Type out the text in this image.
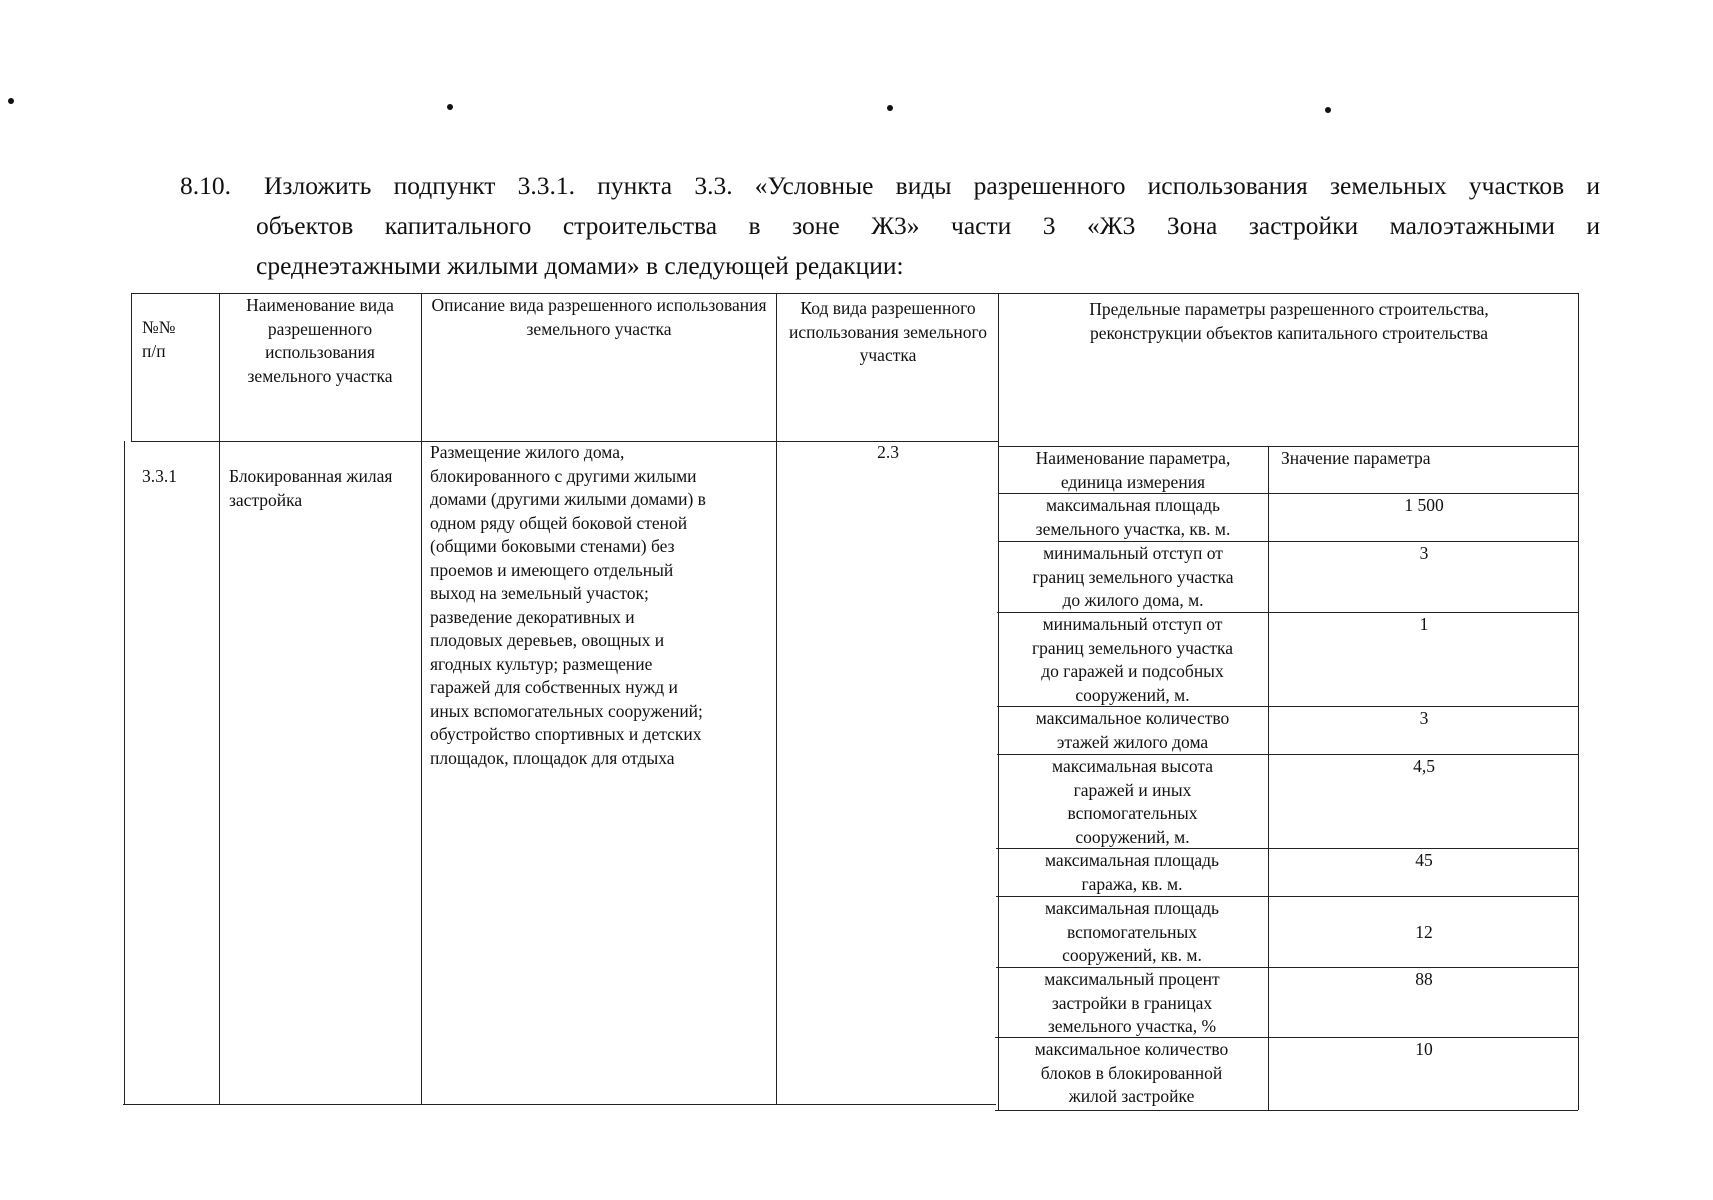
8.10. Изложить подпункт 3.3.1. пункта 3.3. «Условные виды разрешенного использования земельных участков и
объектов капитального строительства в зоне Ж3» части 3 «Ж3 Зона застройки малоэтажными и
среднеэтажными жилыми домами» в следующей редакции:
№№
п/п
Наименование вида разрешенного использования земельного участка
Описание вида разрешенного использования земельного участка
Код вида разрешенного использования земельного участка
Предельные параметры разрешенного строительства, реконструкции объектов капитального строительства
3.3.1	Блокированная жилая застройка
Размещение жилого дома,
блокированного с другими жилыми
домами (другими жилыми домами) в
одном ряду общей боковой стеной
(общими боковыми стенами) без
проемов и имеющего отдельный
выход на земельный участок;
разведение декоративных и
плодовых деревьев, овощных и
ягодных культур; размещение
гаражей для собственных нужд и
иных вспомогательных сооружений;
обустройство спортивных и детских
площадок, площадок для отдыха
2.3	Наименование параметра,
единица измерения
Значение параметра
максимальная площадь
земельного участка, кв. м.
1 500
минимальный отступ от
границ земельного участка
до жилого дома, м.
3
минимальный отступ от
границ земельного участка
до гаражей и подсобных
сооружений, м.
1
максимальное количество
этажей жилого дома
3
максимальная высота
гаражей и иных
вспомогательных
сооружений, м.
4,5
максимальная площадь
гаража, кв. м.
45
максимальная площадь
вспомогательных
сооружений, кв. м.
12
максимальный процент
застройки в границах
земельного участка, %
88
максимальное количество
блоков в блокированной
жилой застройке
10
